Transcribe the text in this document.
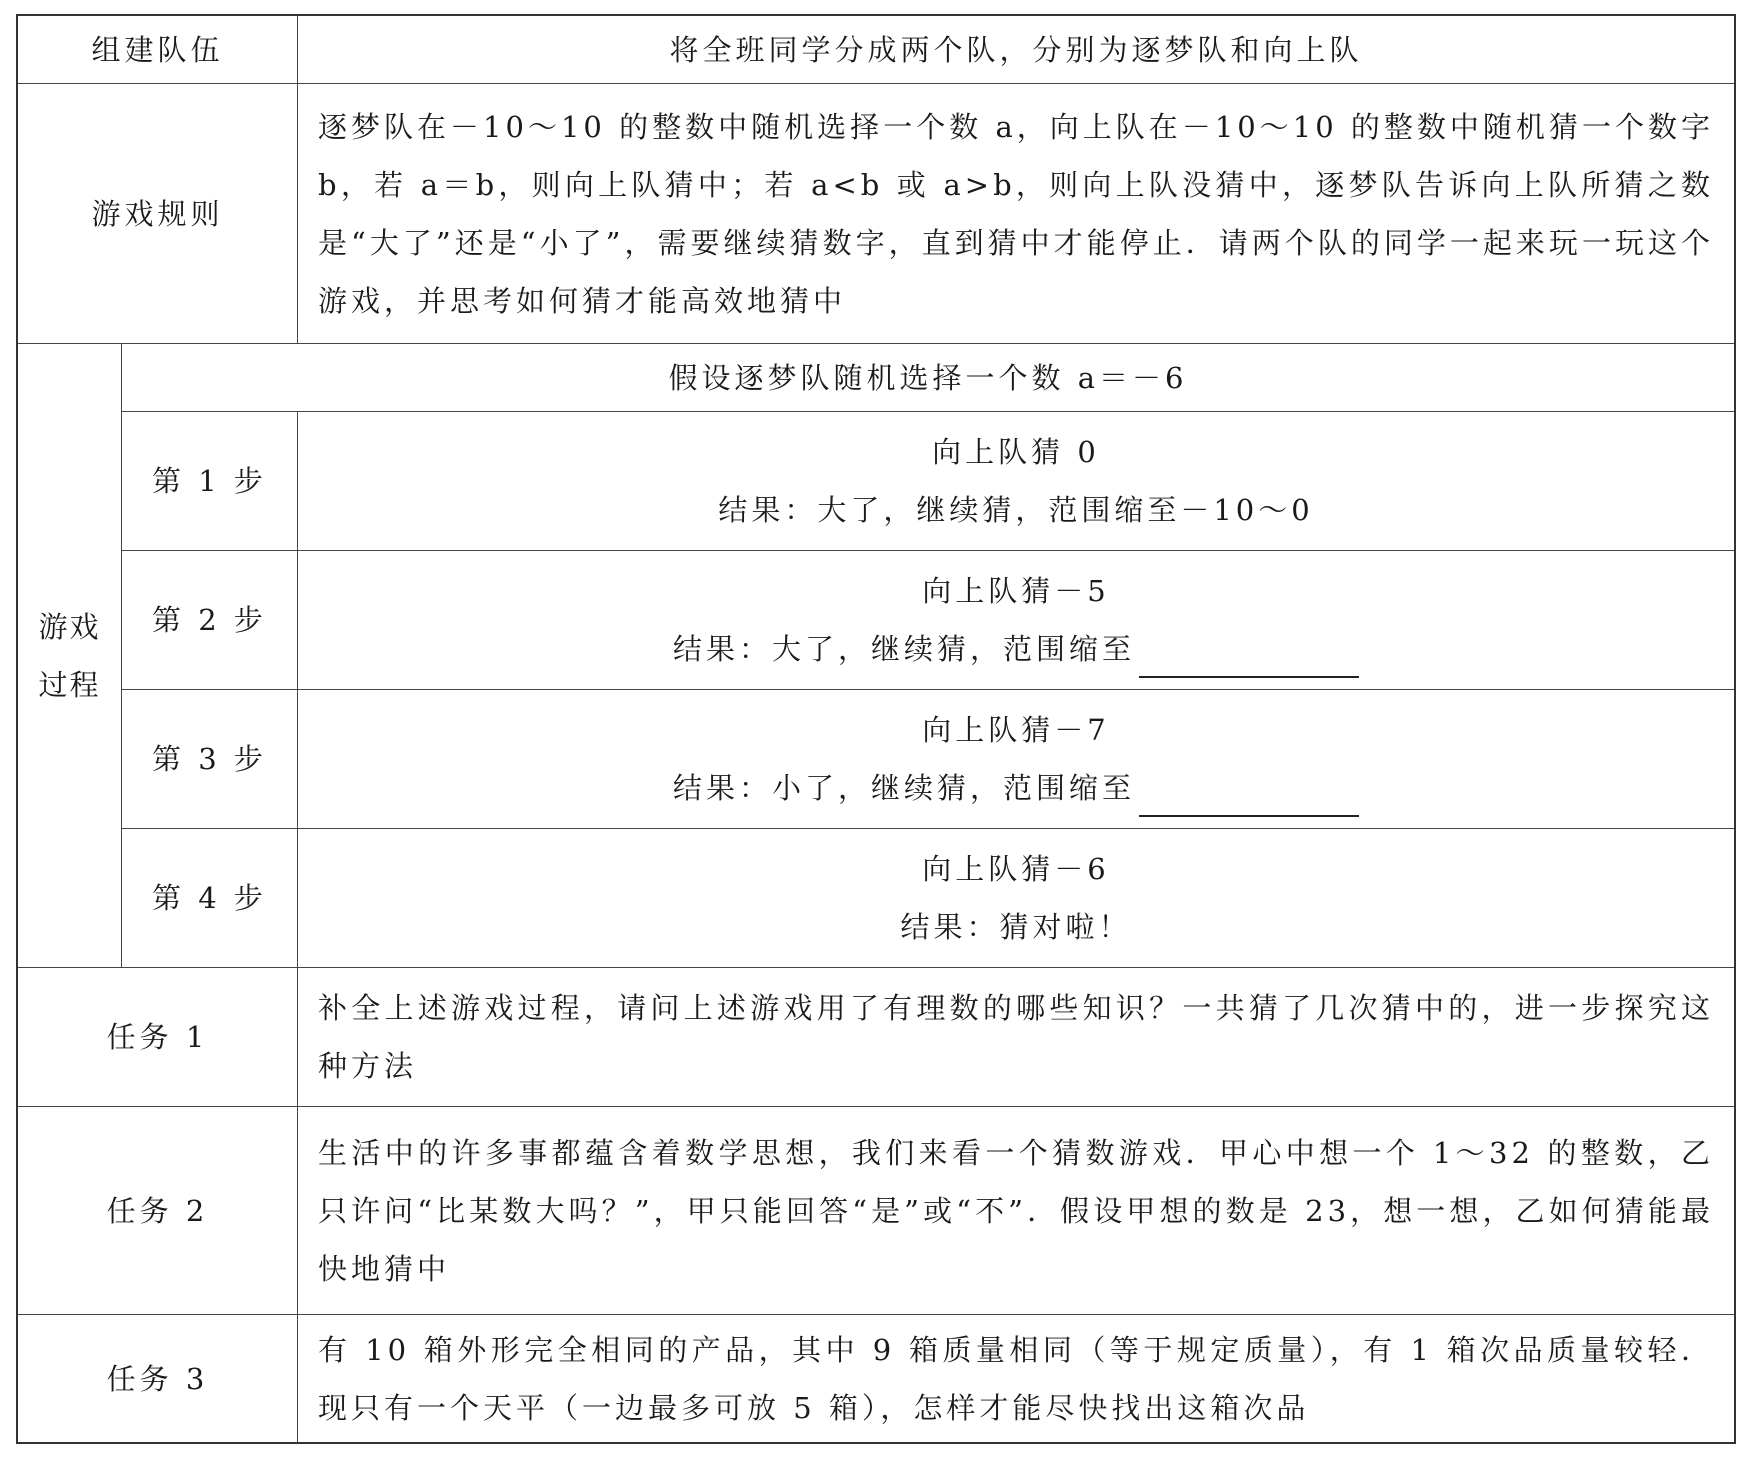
组建队伍	将全班同学分成两个队，分别为逐梦队和向上队
游戏规则
逐梦队在－10～10 的整数中随机选择一个数 a，向上队在－10～10 的整数中随机猜一个数字 b，若 a＝b，则向上队猜中；若 a<b 或 a>b，则向上队没猜中，逐梦队告诉向上队所猜之数是“大了”还是“小了”，需要继续猜数字，直到猜中才能停止．请两个队的同学一起来玩一玩这个游戏，并思考如何猜才能高效地猜中
游戏
过程
假设逐梦队随机选择一个数 a＝－6
第 1 步
向上队猜 0
结果：大了，继续猜，范围缩至－10～0
第 2 步
向上队猜－5
结果：大了，继续猜，范围缩至
第 3 步
向上队猜－7
结果：小了，继续猜，范围缩至
第 4 步
向上队猜－6
结果：猜对啦！
任务 1
补全上述游戏过程，请问上述游戏用了有理数的哪些知识？一共猜了几次猜中的，进一步探究这种方法
任务 2
生活中的许多事都蕴含着数学思想，我们来看一个猜数游戏．甲心中想一个 1～32 的整数，乙只许问“比某数大吗？”，甲只能回答“是”或“不”．假设甲想的数是 23，想一想，乙如何猜能最快地猜中
任务 3
有 10 箱外形完全相同的产品，其中 9 箱质量相同（等于规定质量），有 1 箱次品质量较轻．现只有一个天平（一边最多可放 5 箱），怎样才能尽快找出这箱次品
